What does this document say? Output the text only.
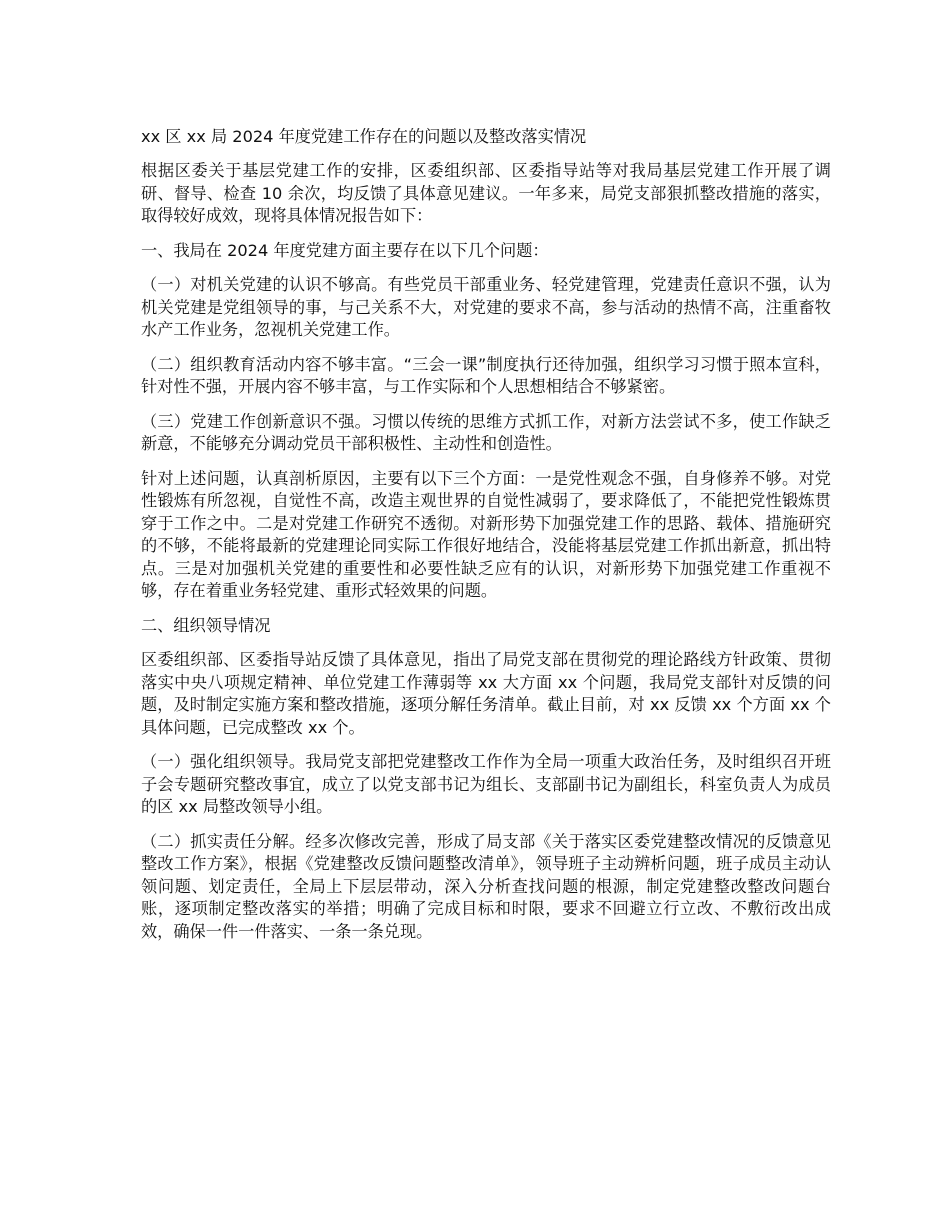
xx 区 xx 局 2024 年度党建工作存在的问题以及整改落实情况

根据区委关于基层党建工作的安排，区委组织部、区委指导站等对我局基层党建工作开展了调研、督导、检查 10 余次，均反馈了具体意见建议。一年多来，局党支部狠抓整改措施的落实，取得较好成效，现将具体情况报告如下：

一、我局在 2024 年度党建方面主要存在以下几个问题：

（一）对机关党建的认识不够高。有些党员干部重业务、轻党建管理，党建责任意识不强，认为机关党建是党组领导的事，与己关系不大，对党建的要求不高，参与活动的热情不高，注重畜牧水产工作业务，忽视机关党建工作。

（二）组织教育活动内容不够丰富。“三会一课”制度执行还待加强，组织学习习惯于照本宣科，针对性不强，开展内容不够丰富，与工作实际和个人思想相结合不够紧密。

（三）党建工作创新意识不强。习惯以传统的思维方式抓工作，对新方法尝试不多，使工作缺乏新意，不能够充分调动党员干部积极性、主动性和创造性。

针对上述问题，认真剖析原因，主要有以下三个方面：一是党性观念不强，自身修养不够。对党性锻炼有所忽视，自觉性不高，改造主观世界的自觉性减弱了，要求降低了，不能把党性锻炼贯穿于工作之中。二是对党建工作研究不透彻。对新形势下加强党建工作的思路、载体、措施研究的不够，不能将最新的党建理论同实际工作很好地结合，没能将基层党建工作抓出新意，抓出特点。三是对加强机关党建的重要性和必要性缺乏应有的认识，对新形势下加强党建工作重视不够，存在着重业务轻党建、重形式轻效果的问题。

二、组织领导情况

区委组织部、区委指导站反馈了具体意见，指出了局党支部在贯彻党的理论路线方针政策、贯彻落实中央八项规定精神、单位党建工作薄弱等 xx 大方面 xx 个问题，我局党支部针对反馈的问题，及时制定实施方案和整改措施，逐项分解任务清单。截止目前，对 xx 反馈 xx 个方面 xx 个具体问题，已完成整改 xx 个。

（一）强化组织领导。我局党支部把党建整改工作作为全局一项重大政治任务，及时组织召开班子会专题研究整改事宜，成立了以党支部书记为组长、支部副书记为副组长，科室负责人为成员的区 xx 局整改领导小组。

（二）抓实责任分解。经多次修改完善，形成了局支部《关于落实区委党建整改情况的反馈意见整改工作方案》，根据《党建整改反馈问题整改清单》，领导班子主动辨析问题，班子成员主动认领问题、划定责任，全局上下层层带动，深入分析查找问题的根源，制定党建整改整改问题台账，逐项制定整改落实的举措；明确了完成目标和时限，要求不回避立行立改、不敷衍改出成效，确保一件一件落实、一条一条兑现。
